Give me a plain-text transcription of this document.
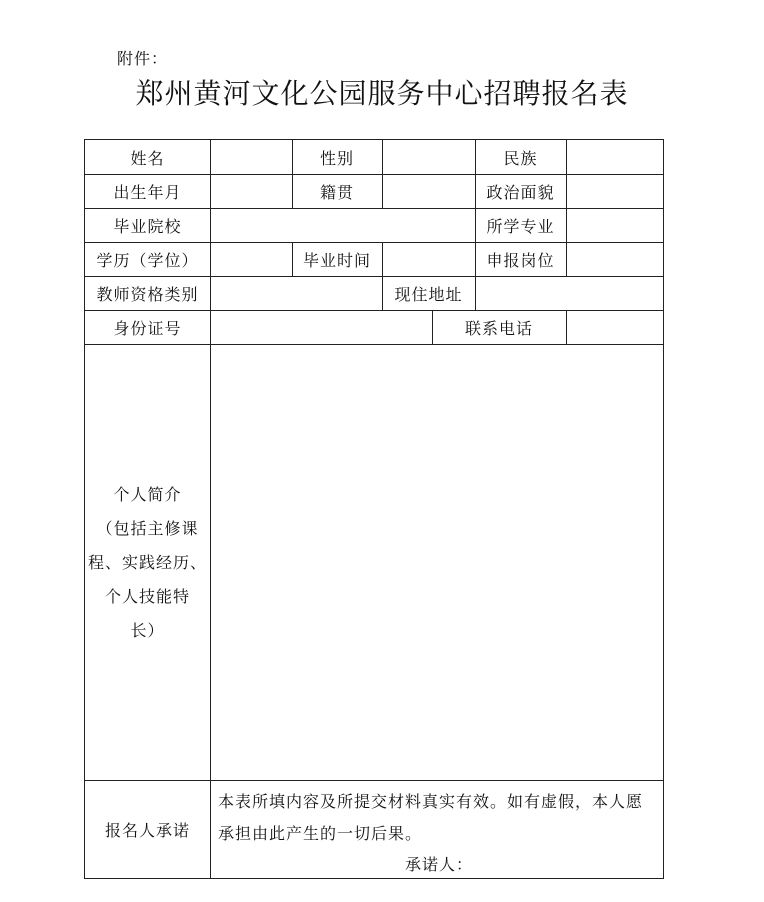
附件：
郑州黄河文化公园服务中心招聘报名表
姓名	性别	民族
出生年月	籍贯	政治面貌
毕业院校	所学专业
学历（学位）	毕业时间	申报岗位
教师资格类别	现住地址
身份证号	联系电话
个人简介
（包括主修课
程、实践经历、
个人技能特
长）
报名人承诺
本表所填内容及所提交材料真实有效。如有虚假，本人愿
承担由此产生的一切后果。
承诺人：
